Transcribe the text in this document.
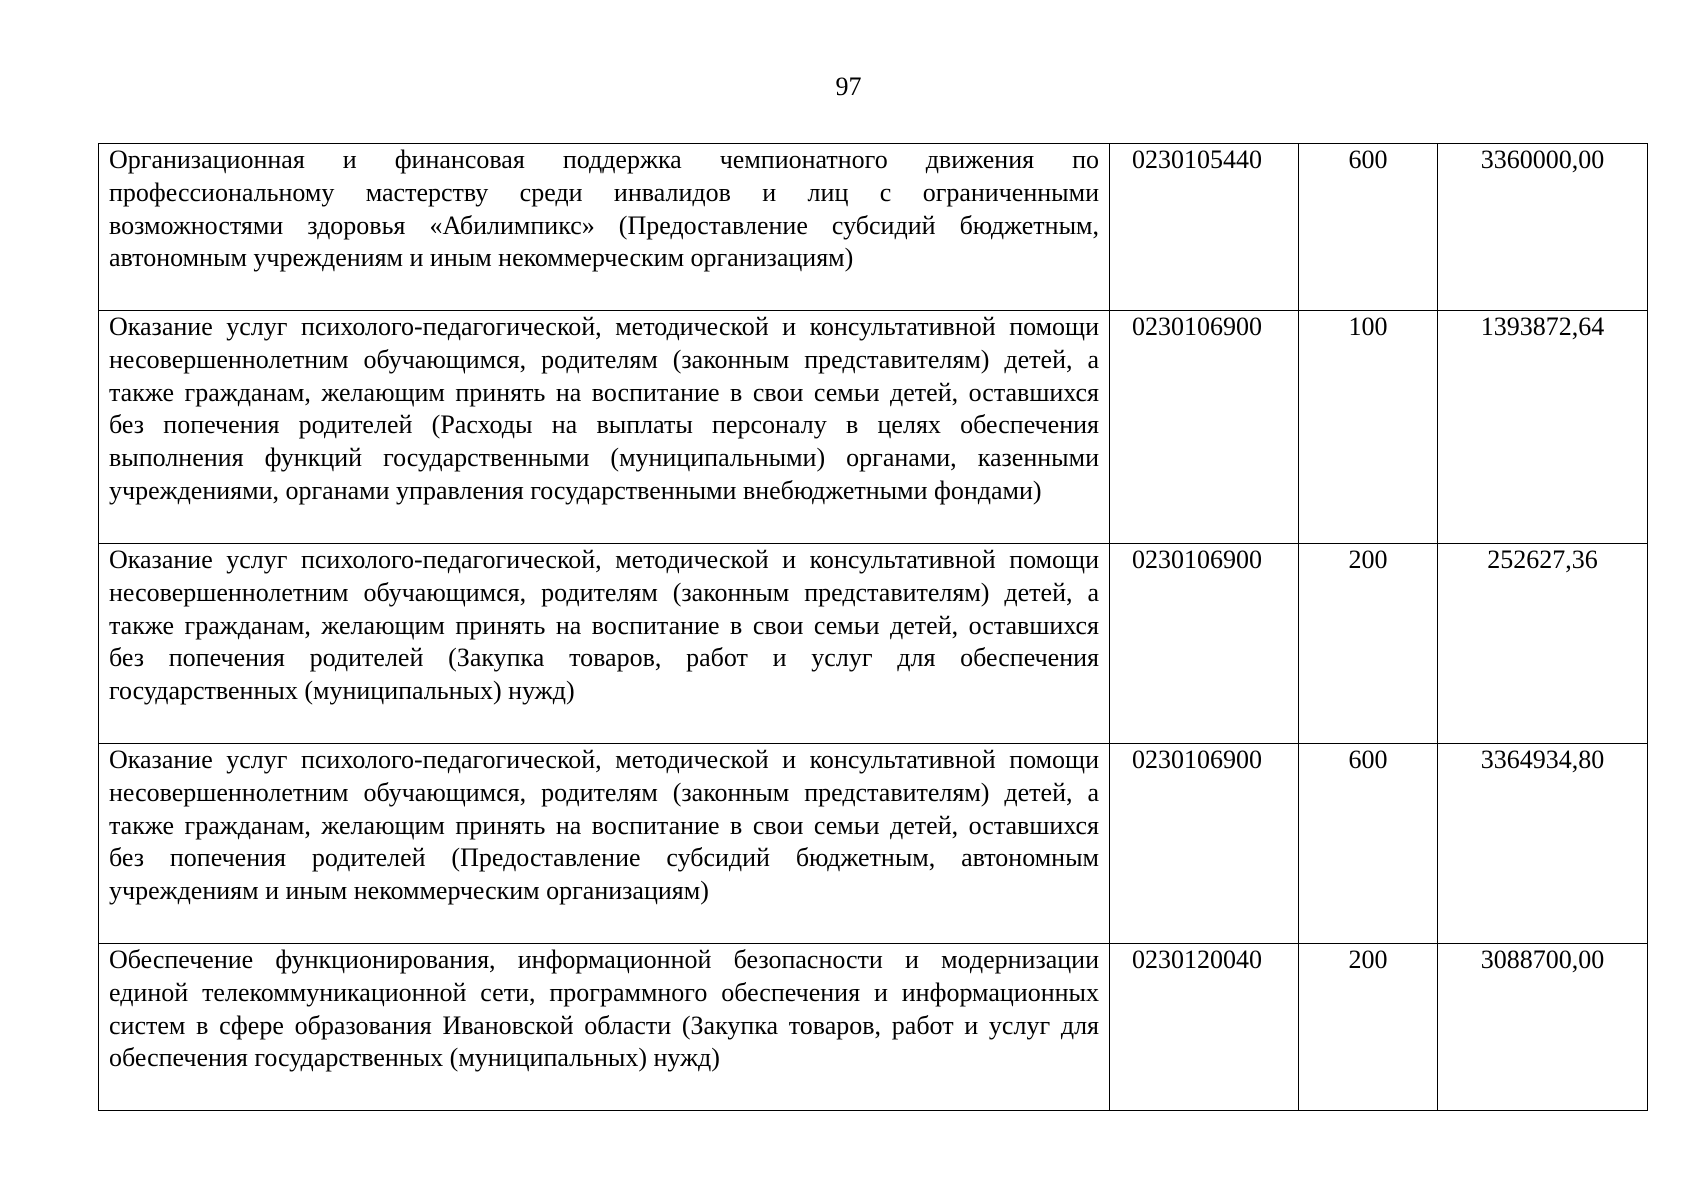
97
Организационная и финансовая поддержка чемпионатного движения по профессиональному мастерству среди инвалидов и лиц с ограниченными возможностями здоровья «Абилимпикс» (Предоставление субсидий бюджетным, автономным учреждениям и иным некоммерческим организациям)	0230105440	600	3360000,00
Оказание услуг психолого-педагогической, методической и консультативной помощи несовершеннолетним обучающимся, родителям (законным представителям) детей, а также гражданам, желающим принять на воспитание в свои семьи детей, оставшихся без попечения родителей (Расходы на выплаты персоналу в целях обеспечения выполнения функций государственными (муниципальными) органами, казенными учреждениями, органами управления государственными внебюджетными фондами)	0230106900	100	1393872,64
Оказание услуг психолого-педагогической, методической и консультативной помощи несовершеннолетним обучающимся, родителям (законным представителям) детей, а также гражданам, желающим принять на воспитание в свои семьи детей, оставшихся без попечения родителей (Закупка товаров, работ и услуг для обеспечения государственных (муниципальных) нужд)	0230106900	200	252627,36
Оказание услуг психолого-педагогической, методической и консультативной помощи несовершеннолетним обучающимся, родителям (законным представителям) детей, а также гражданам, желающим принять на воспитание в свои семьи детей, оставшихся без попечения родителей (Предоставление субсидий бюджетным, автономным учреждениям и иным некоммерческим организациям)	0230106900	600	3364934,80
Обеспечение функционирования, информационной безопасности и модернизации единой телекоммуникационной сети, программного обеспечения и информационных систем в сфере образования Ивановской области (Закупка товаров, работ и услуг для обеспечения государственных (муниципальных) нужд)	0230120040	200	3088700,00
